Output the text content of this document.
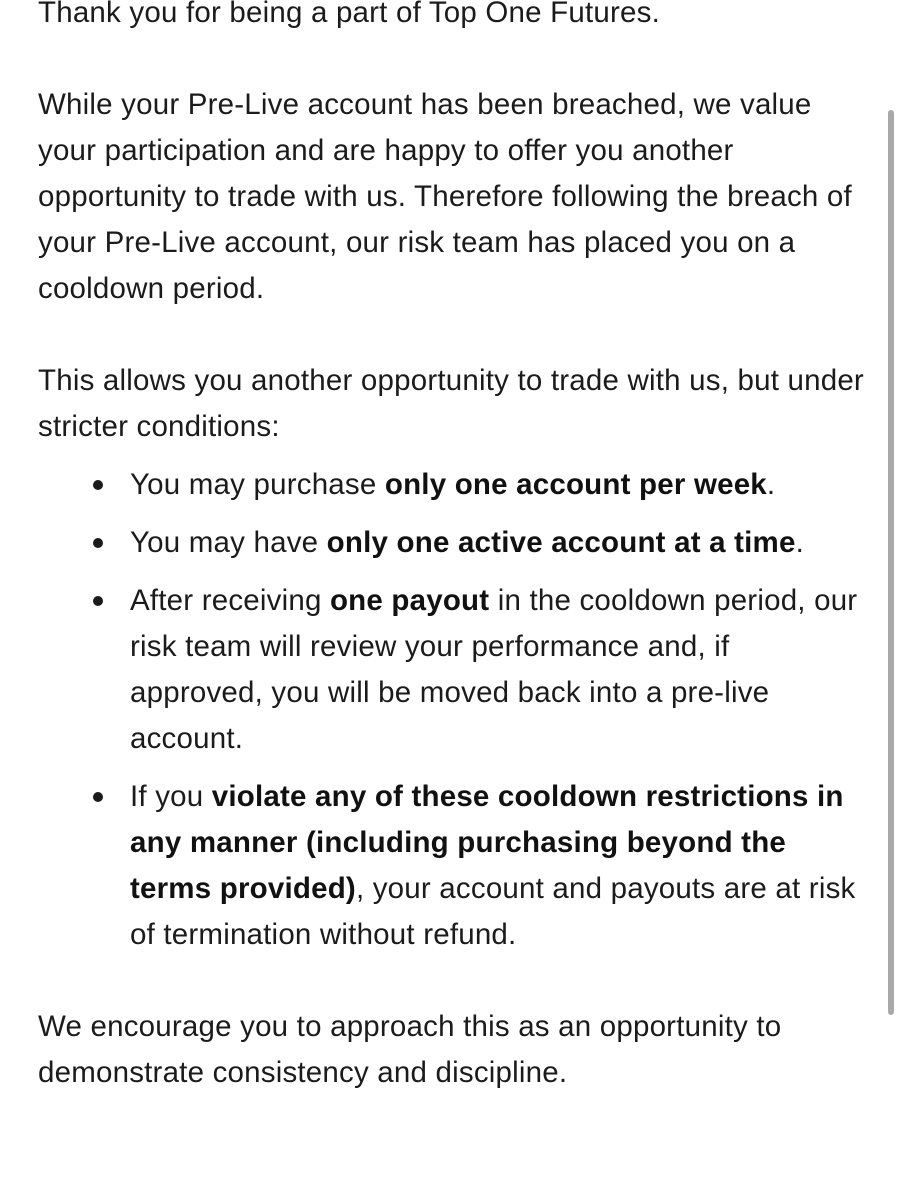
Thank you for being a part of Top One Futures.

While your Pre-Live account has been breached, we value your participation and are happy to offer you another opportunity to trade with us. Therefore following the breach of your Pre-Live account, our risk team has placed you on a cooldown period.

This allows you another opportunity to trade with us, but under stricter conditions:

You may purchase only one account per week.
You may have only one active account at a time.
After receiving one payout in the cooldown period, our risk team will review your performance and, if approved, you will be moved back into a pre-live account.
If you violate any of these cooldown restrictions in any manner (including purchasing beyond the terms provided), your account and payouts are at risk of termination without refund.

We encourage you to approach this as an opportunity to demonstrate consistency and discipline.
